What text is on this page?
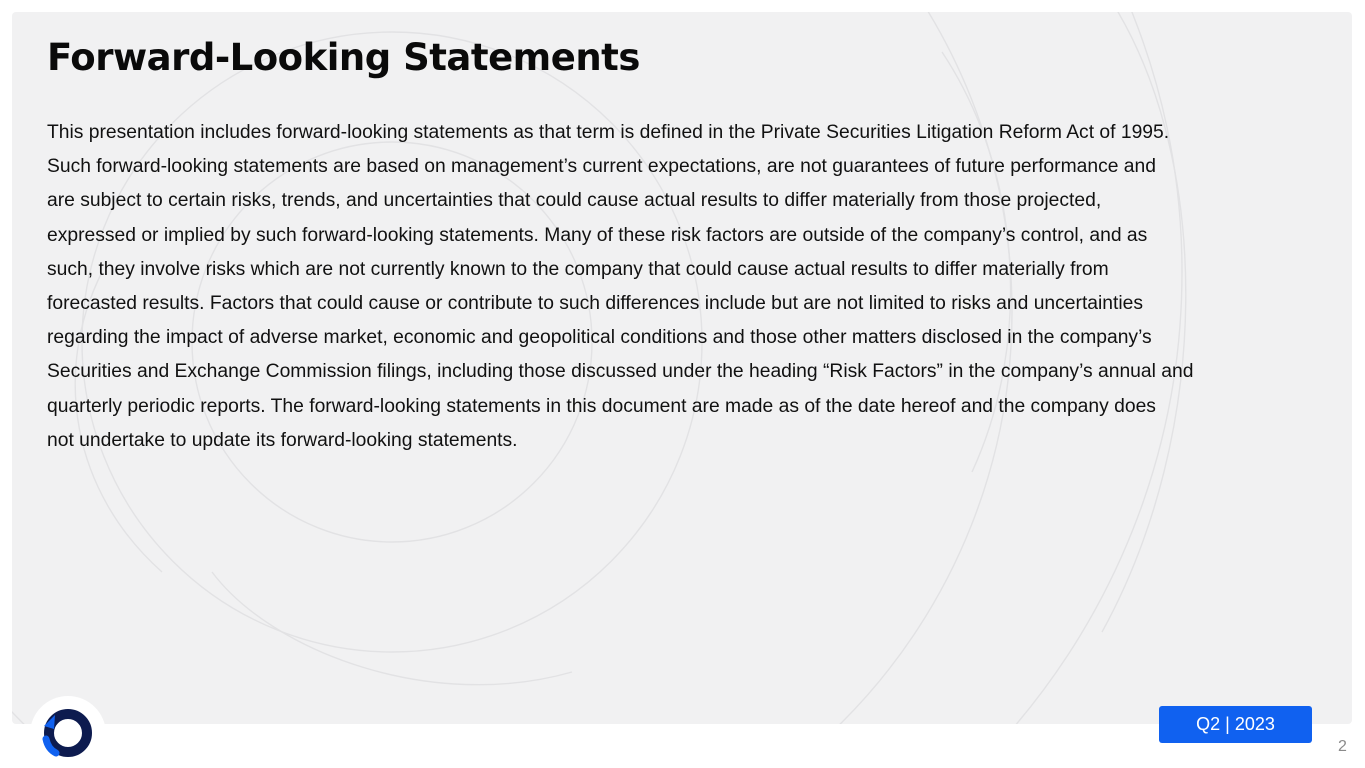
Forward-Looking Statements

This presentation includes forward-looking statements as that term is defined in the Private Securities Litigation Reform Act of 1995.
Such forward-looking statements are based on management’s current expectations, are not guarantees of future performance and
are subject to certain risks, trends, and uncertainties that could cause actual results to differ materially from those projected,
expressed or implied by such forward-looking statements. Many of these risk factors are outside of the company’s control, and as
such, they involve risks which are not currently known to the company that could cause actual results to differ materially from
forecasted results. Factors that could cause or contribute to such differences include but are not limited to risks and uncertainties
regarding the impact of adverse market, economic and geopolitical conditions and those other matters disclosed in the company’s
Securities and Exchange Commission filings, including those discussed under the heading “Risk Factors” in the company’s annual and
quarterly periodic reports. The forward-looking statements in this document are made as of the date hereof and the company does
not undertake to update its forward-looking statements.

Q2 | 2023
2
